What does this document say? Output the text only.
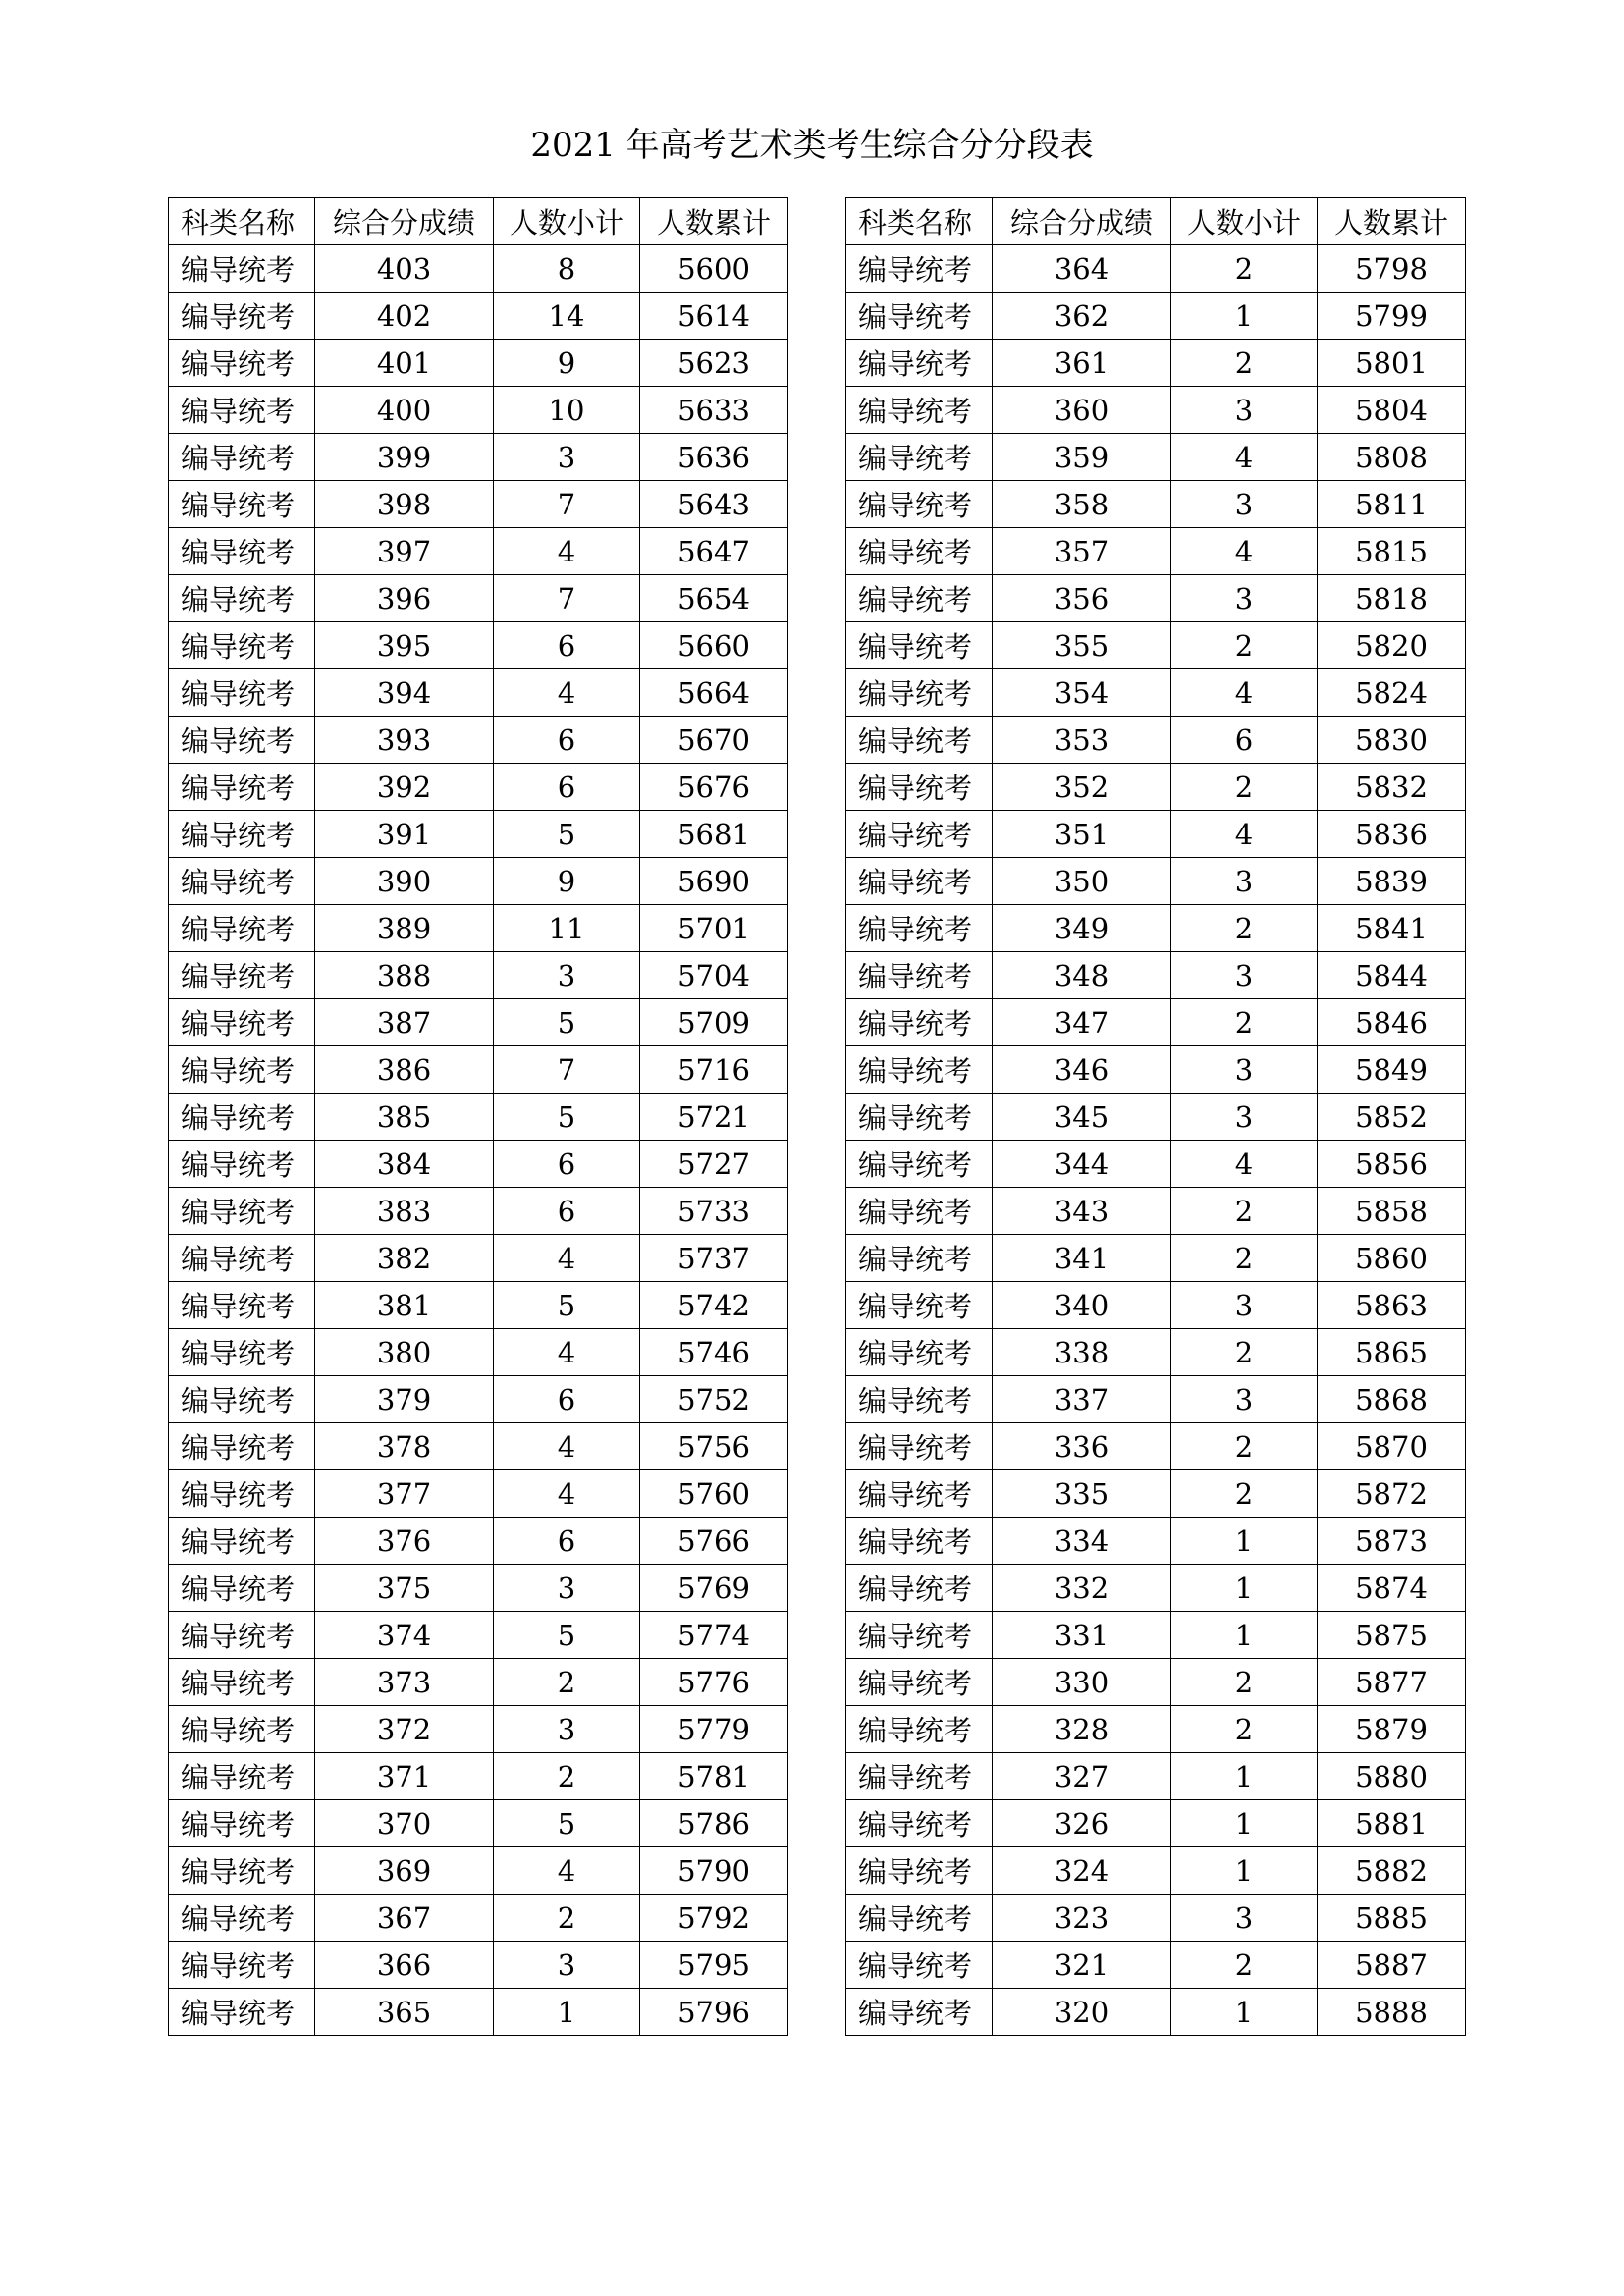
2021 年高考艺术类考生综合分分段表
科类名称	综合分成绩	人数小计	人数累计
编导统考	403	8	5600
编导统考	402	14	5614
编导统考	401	9	5623
编导统考	400	10	5633
编导统考	399	3	5636
编导统考	398	7	5643
编导统考	397	4	5647
编导统考	396	7	5654
编导统考	395	6	5660
编导统考	394	4	5664
编导统考	393	6	5670
编导统考	392	6	5676
编导统考	391	5	5681
编导统考	390	9	5690
编导统考	389	11	5701
编导统考	388	3	5704
编导统考	387	5	5709
编导统考	386	7	5716
编导统考	385	5	5721
编导统考	384	6	5727
编导统考	383	6	5733
编导统考	382	4	5737
编导统考	381	5	5742
编导统考	380	4	5746
编导统考	379	6	5752
编导统考	378	4	5756
编导统考	377	4	5760
编导统考	376	6	5766
编导统考	375	3	5769
编导统考	374	5	5774
编导统考	373	2	5776
编导统考	372	3	5779
编导统考	371	2	5781
编导统考	370	5	5786
编导统考	369	4	5790
编导统考	367	2	5792
编导统考	366	3	5795
编导统考	365	1	5796
科类名称	综合分成绩	人数小计	人数累计
编导统考	364	2	5798
编导统考	362	1	5799
编导统考	361	2	5801
编导统考	360	3	5804
编导统考	359	4	5808
编导统考	358	3	5811
编导统考	357	4	5815
编导统考	356	3	5818
编导统考	355	2	5820
编导统考	354	4	5824
编导统考	353	6	5830
编导统考	352	2	5832
编导统考	351	4	5836
编导统考	350	3	5839
编导统考	349	2	5841
编导统考	348	3	5844
编导统考	347	2	5846
编导统考	346	3	5849
编导统考	345	3	5852
编导统考	344	4	5856
编导统考	343	2	5858
编导统考	341	2	5860
编导统考	340	3	5863
编导统考	338	2	5865
编导统考	337	3	5868
编导统考	336	2	5870
编导统考	335	2	5872
编导统考	334	1	5873
编导统考	332	1	5874
编导统考	331	1	5875
编导统考	330	2	5877
编导统考	328	2	5879
编导统考	327	1	5880
编导统考	326	1	5881
编导统考	324	1	5882
编导统考	323	3	5885
编导统考	321	2	5887
编导统考	320	1	5888
